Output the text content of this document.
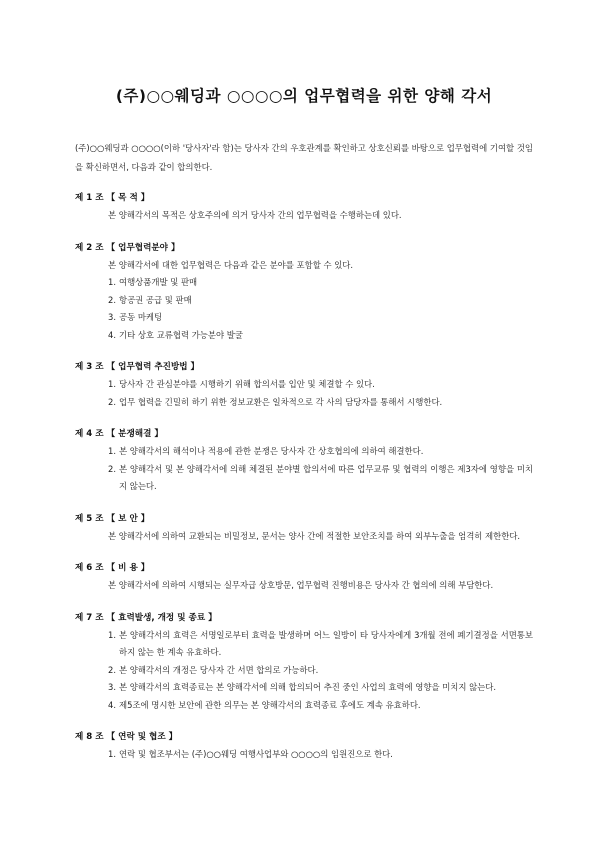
(주)○○웨딩과 ○○○○의 업무협력을 위한 양해 각서
(주)○○웨딩과 ○○○○(이하 '당사자'라 함)는 당사자 간의 우호관계를 확인하고 상호신뢰를 바탕으로 업무협력에 기여할 것임을 확신하면서, 다음과 같이 합의한다.
제 1 조 【 목 적 】
본 양해각서의 목적은 상호주의에 의거 당사자 간의 업무협력을 수행하는데 있다.
제 2 조 【 업무협력분야 】
본 양해각서에 대한 업무협력은 다음과 같은 분야를 포함할 수 있다.
1. 여행상품개발 및 판매
2. 항공권 공급 및 판매
3. 공동 마케팅
4. 기타 상호 교류협력 가능분야 발굴
제 3 조 【 업무협력 추진방법 】
1. 당사자 간 관심분야를 시행하기 위해 합의서를 입안 및 체결할 수 있다.
2. 업무 협력을 긴밀히 하기 위한 정보교환은 일차적으로 각 사의 담당자를 통해서 시행한다.
제 4 조 【 분쟁해결 】
1. 본 양해각서의 해석이나 적용에 관한 분쟁은 당사자 간 상호협의에 의하여 해결한다.
2. 본 양해각서 및 본 양해각서에 의해 체결된 분야별 합의서에 따른 업무교류 및 협력의 이행은 제3자에 영향을 미치지 않는다.
제 5 조 【 보 안 】
본 양해각서에 의하여 교환되는 비밀정보, 문서는 양사 간에 적절한 보안조치를 하여 외부누출을 엄격히 제한한다.
제 6 조 【 비 용 】
본 양해각서에 의하여 시행되는 실무자급 상호방문, 업무협력 진행비용은 당사자 간 협의에 의해 부담한다.
제 7 조 【 효력발생, 개정 및 종료 】
1. 본 양해각서의 효력은 서명일로부터 효력을 발생하며 어느 일방이 타 당사자에게 3개월 전에 폐기결정을 서면통보하지 않는 한 계속 유효하다.
2. 본 양해각서의 개정은 당사자 간 서면 합의로 가능하다.
3. 본 양해각서의 효력종료는 본 양해각서에 의해 합의되어 추진 중인 사업의 효력에 영향을 미치지 않는다.
4. 제5조에 명시한 보안에 관한 의무는 본 양해각서의 효력종료 후에도 계속 유효하다.
제 8 조 【 연락 및 협조 】
1. 연락 및 협조부서는 (주)○○웨딩 여행사업부와 ○○○○의 임원진으로 한다.
